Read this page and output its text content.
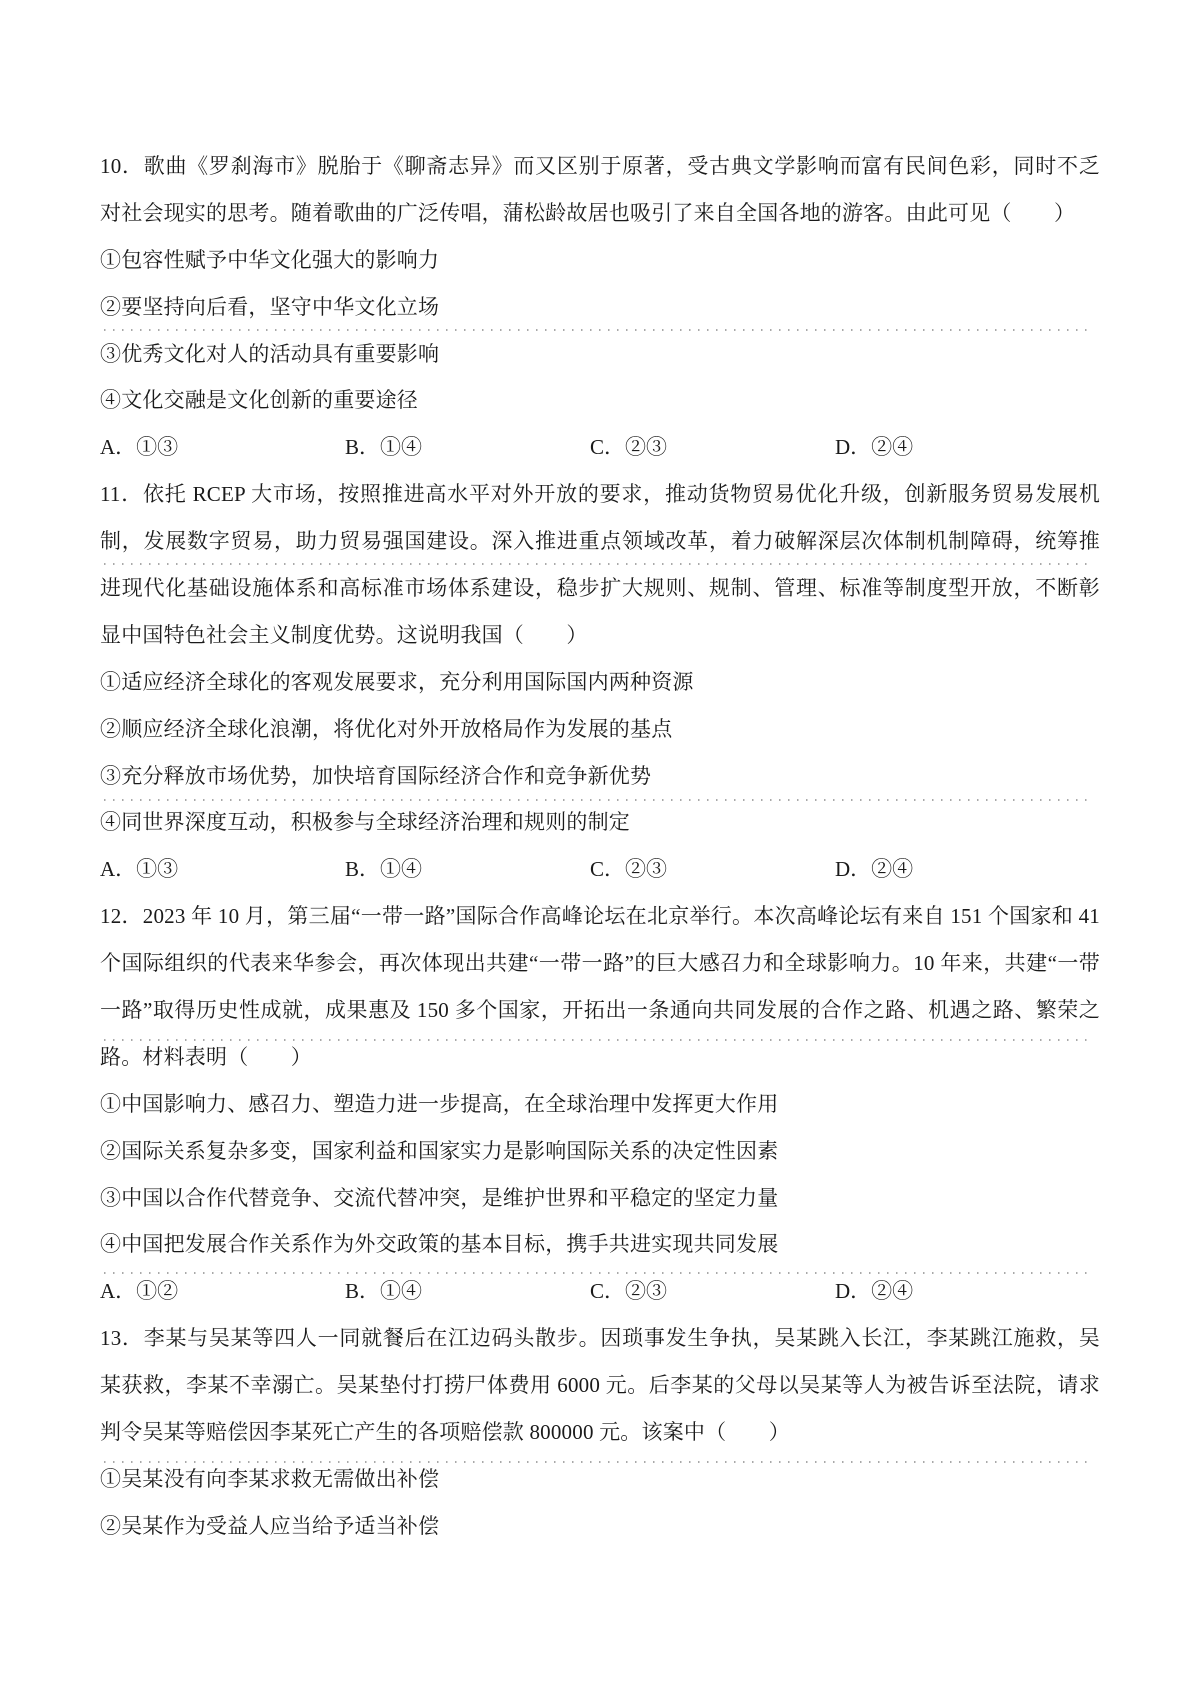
10．歌曲《罗刹海市》脱胎于《聊斋志异》而又区别于原著，受古典文学影响而富有民间色彩，同时不乏
对社会现实的思考。随着歌曲的广泛传唱，蒲松龄故居也吸引了来自全国各地的游客。由此可见（　　）
①包容性赋予中华文化强大的影响力
②要坚持向后看，坚守中华文化立场
③优秀文化对人的活动具有重要影响
④文化交融是文化创新的重要途径
A．①③	B．①④	C．②③	D．②④
11．依托 RCEP 大市场，按照推进高水平对外开放的要求，推动货物贸易优化升级，创新服务贸易发展机
制，发展数字贸易，助力贸易强国建设。深入推进重点领域改革，着力破解深层次体制机制障碍，统筹推
进现代化基础设施体系和高标准市场体系建设，稳步扩大规则、规制、管理、标准等制度型开放，不断彰
显中国特色社会主义制度优势。这说明我国（　　）
①适应经济全球化的客观发展要求，充分利用国际国内两种资源
②顺应经济全球化浪潮，将优化对外开放格局作为发展的基点
③充分释放市场优势，加快培育国际经济合作和竞争新优势
④同世界深度互动，积极参与全球经济治理和规则的制定
A．①③	B．①④	C．②③	D．②④
12．2023 年 10 月，第三届“一带一路”国际合作高峰论坛在北京举行。本次高峰论坛有来自 151 个国家和 41
个国际组织的代表来华参会，再次体现出共建“一带一路”的巨大感召力和全球影响力。10 年来，共建“一带
一路”取得历史性成就，成果惠及 150 多个国家，开拓出一条通向共同发展的合作之路、机遇之路、繁荣之
路。材料表明（　　）
①中国影响力、感召力、塑造力进一步提高，在全球治理中发挥更大作用
②国际关系复杂多变，国家利益和国家实力是影响国际关系的决定性因素
③中国以合作代替竞争、交流代替冲突，是维护世界和平稳定的坚定力量
④中国把发展合作关系作为外交政策的基本目标，携手共进实现共同发展
A．①②	B．①④	C．②③	D．②④
13．李某与吴某等四人一同就餐后在江边码头散步。因琐事发生争执，吴某跳入长江，李某跳江施救，吴
某获救，李某不幸溺亡。吴某垫付打捞尸体费用 6000 元。后李某的父母以吴某等人为被告诉至法院，请求
判令吴某等赔偿因李某死亡产生的各项赔偿款 800000 元。该案中（　　）
①吴某没有向李某求救无需做出补偿
②吴某作为受益人应当给予适当补偿
